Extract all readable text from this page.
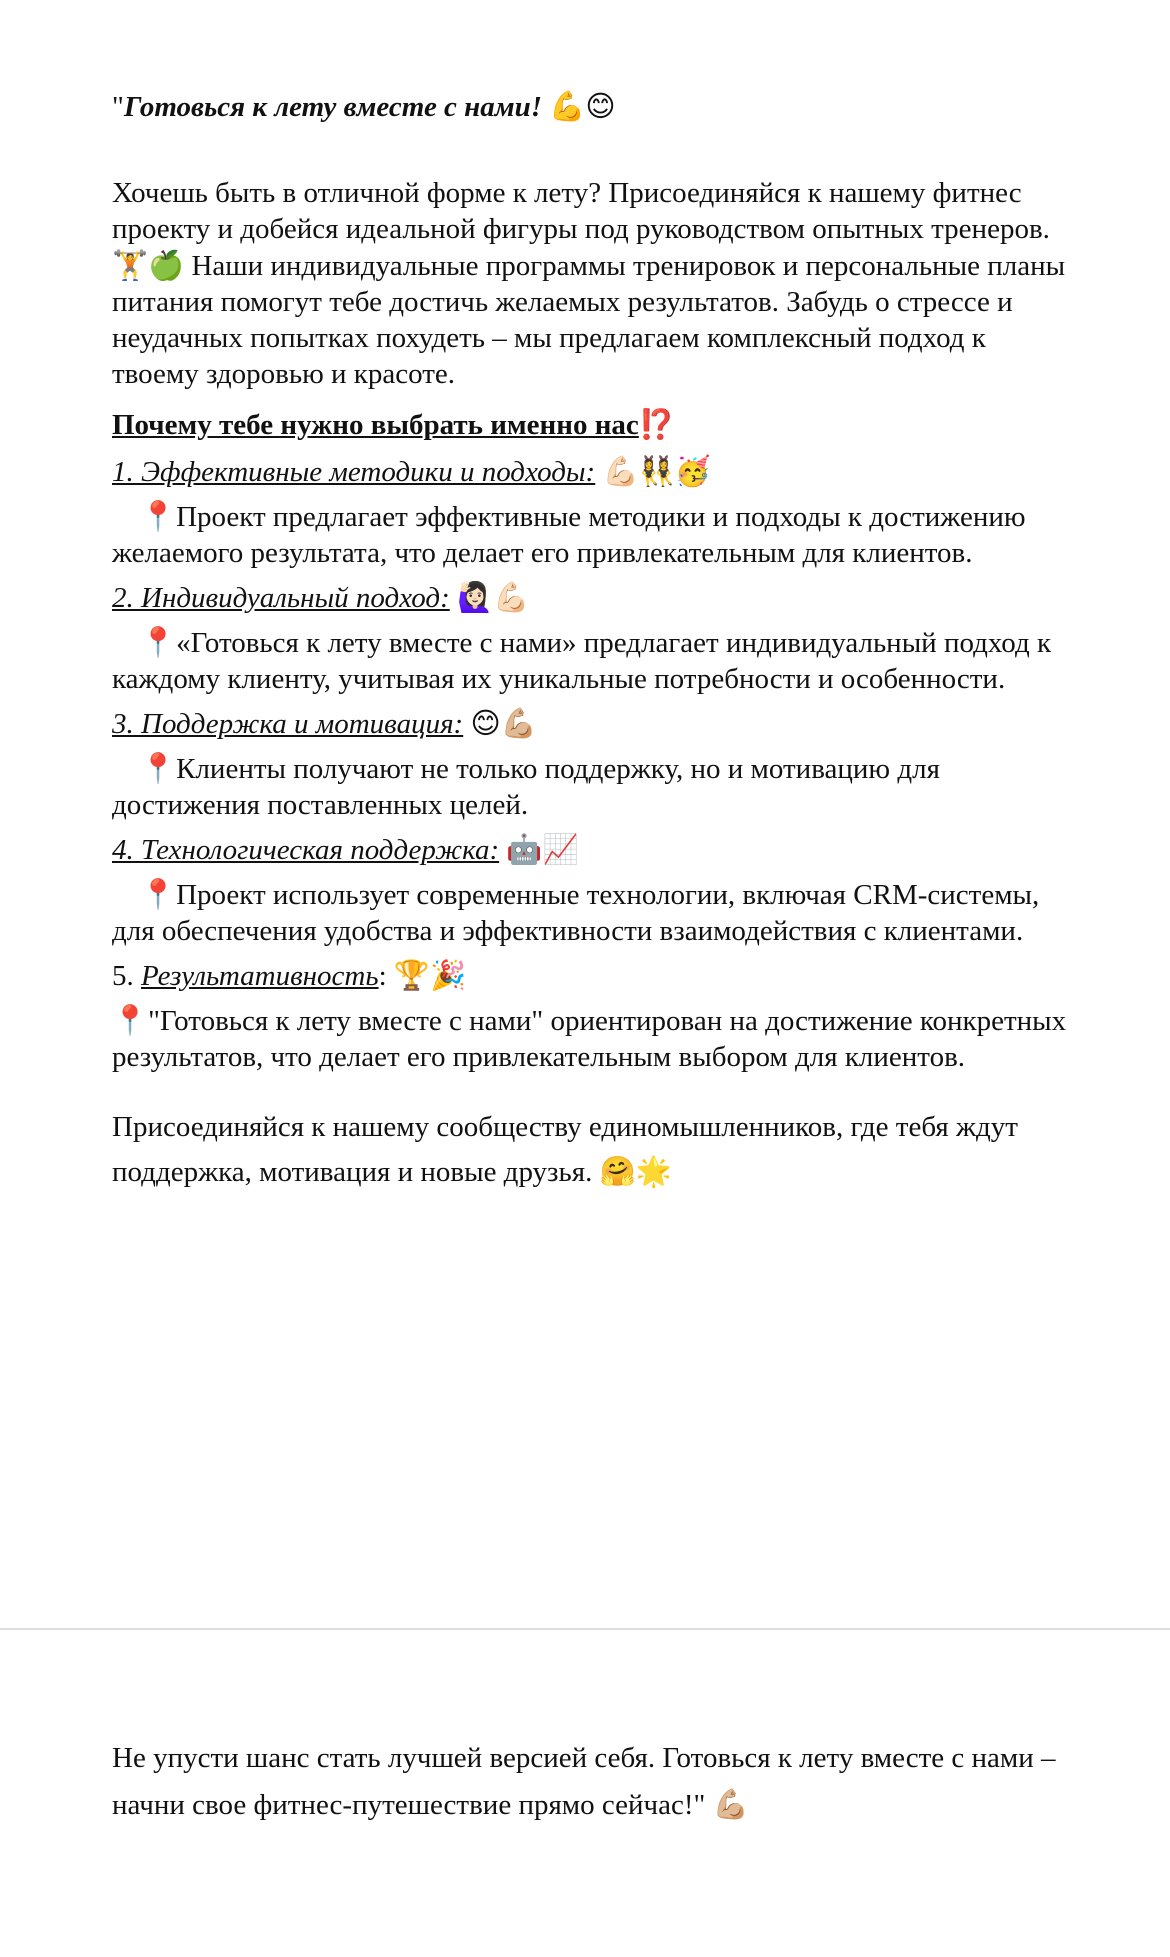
"Готовься к лету вместе с нами! 💪😊

Хочешь быть в отличной форме к лету? Присоединяйся к нашему фитнес проекту и добейся идеальной фигуры под руководством опытных тренеров. 🏋️🍏 Наши индивидуальные программы тренировок и персональные планы питания помогут тебе достичь желаемых результатов. Забудь о стрессе и неудачных попытках похудеть – мы предлагаем комплексный подход к твоему здоровью и красоте.

Почему тебе нужно выбрать именно нас⁉️

1. Эффективные методики и подходы: 💪🏻👯‍♀️🥳

📍Проект предлагает эффективные методики и подходы к достижению желаемого результата, что делает его привлекательным для клиентов.

2. Индивидуальный подход: 🙋🏻‍♀️💪🏻

📍«Готовься к лету вместе с нами» предлагает индивидуальный подход к каждому клиенту, учитывая их уникальные потребности и особенности.

3. Поддержка и мотивация: 😊💪🏼

📍Клиенты получают не только поддержку, но и мотивацию для достижения поставленных целей.

4. Технологическая поддержка: 🤖📈

📍Проект использует современные технологии, включая CRM-системы, для обеспечения удобства и эффективности взаимодействия с клиентами.

5. Результативность: 🏆🎉

📍"Готовься к лету вместе с нами" ориентирован на достижение конкретных результатов, что делает его привлекательным выбором для клиентов.

Присоединяйся к нашему сообществу единомышленников, где тебя ждут поддержка, мотивация и новые друзья. 🤗🌟

Не упусти шанс стать лучшей версией себя. Готовься к лету вместе с нами – начни свое фитнес-путешествие прямо сейчас!" 💪🏼
